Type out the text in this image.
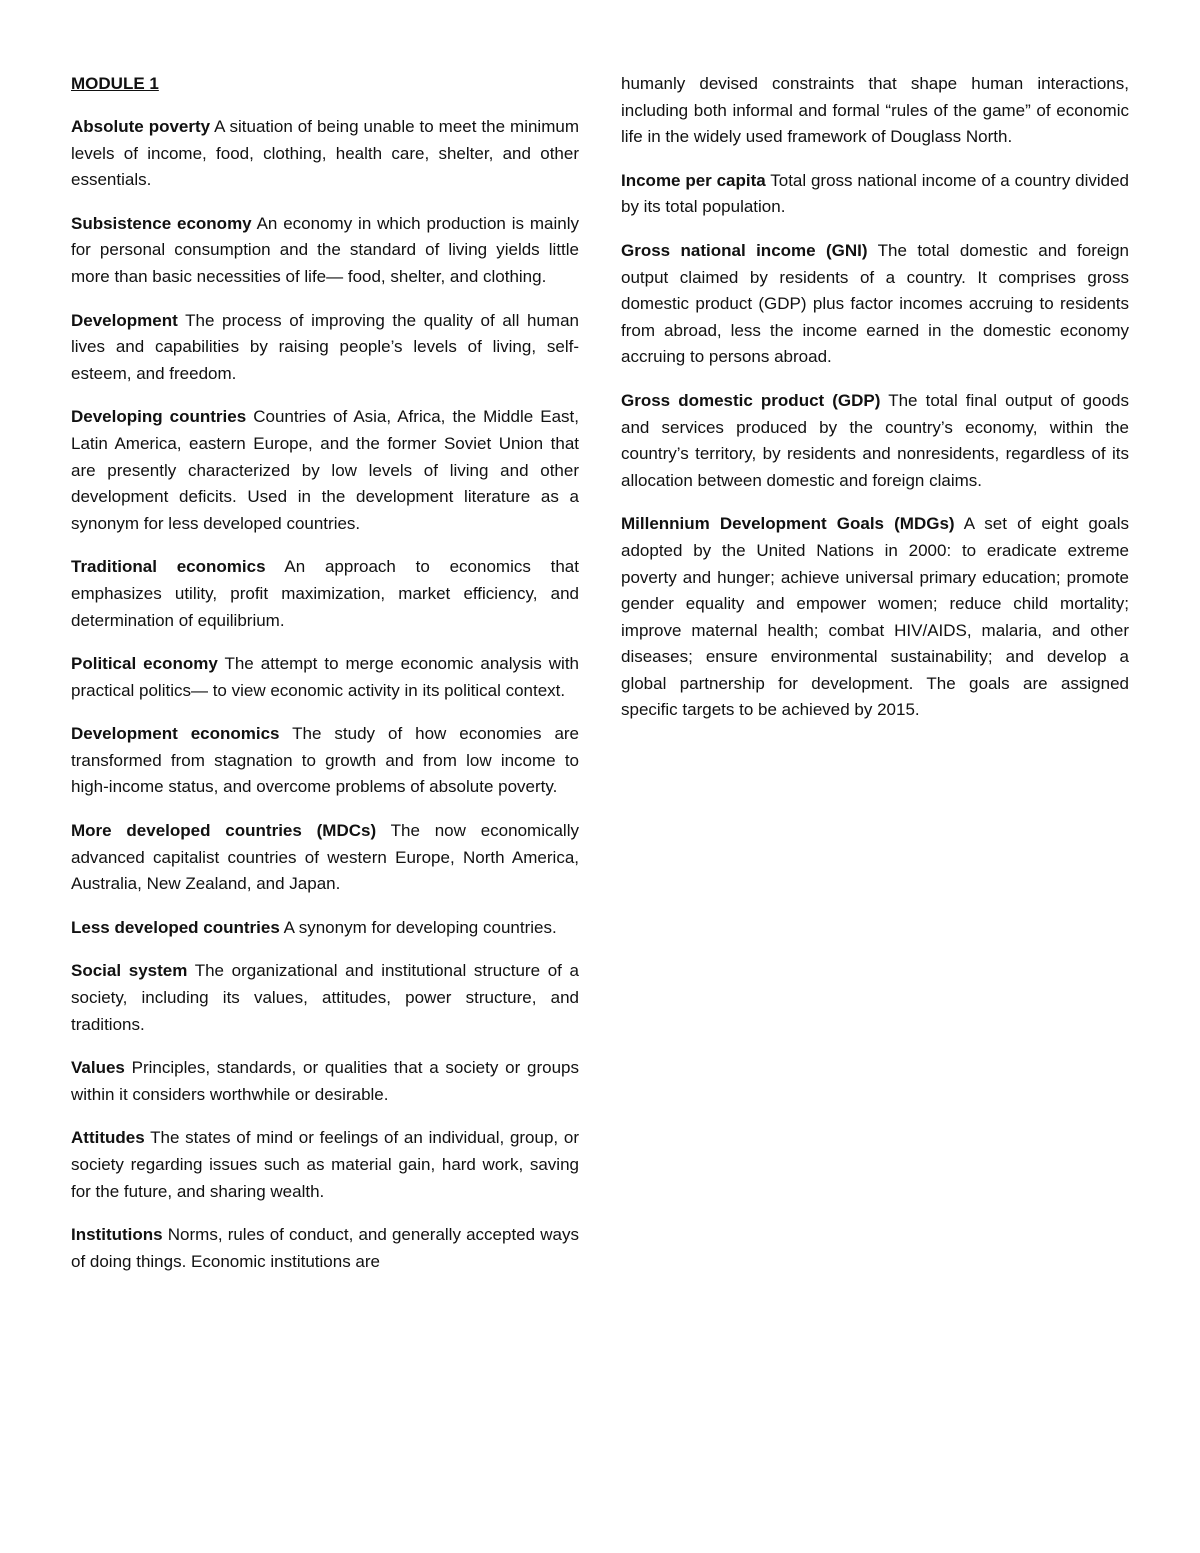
MODULE 1

Absolute poverty A situation of being unable to meet the minimum levels of income, food, clothing, health care, shelter, and other essentials.

Subsistence economy An economy in which production is mainly for personal consumption and the standard of living yields little more than basic necessities of life— food, shelter, and clothing.

Development The process of improving the quality of all human lives and capabilities by raising people’s levels of living, self-esteem, and freedom.

Developing countries Countries of Asia, Africa, the Middle East, Latin America, eastern Europe, and the former Soviet Union that are presently characterized by low levels of living and other development deficits. Used in the development literature as a synonym for less developed countries.

Traditional economics An approach to economics that emphasizes utility, profit maximization, market efficiency, and determination of equilibrium.

Political economy The attempt to merge economic analysis with practical politics— to view economic activity in its political context.

Development economics The study of how economies are transformed from stagnation to growth and from low income to high-income status, and overcome problems of absolute poverty.

More developed countries (MDCs) The now economically advanced capitalist countries of western Europe, North America, Australia, New Zealand, and Japan.

Less developed countries A synonym for developing countries.

Social system The organizational and institutional structure of a society, including its values, attitudes, power structure, and traditions.

Values Principles, standards, or qualities that a society or groups within it considers worthwhile or desirable.

Attitudes The states of mind or feelings of an individual, group, or society regarding issues such as material gain, hard work, saving for the future, and sharing wealth.

Institutions Norms, rules of conduct, and generally accepted ways of doing things. Economic institutions are

humanly devised constraints that shape human interactions, including both informal and formal “rules of the game” of economic life in the widely used framework of Douglass North.

Income per capita Total gross national income of a country divided by its total population.

Gross national income (GNI) The total domestic and foreign output claimed by residents of a country. It comprises gross domestic product (GDP) plus factor incomes accruing to residents from abroad, less the income earned in the domestic economy accruing to persons abroad.

Gross domestic product (GDP) The total final output of goods and services produced by the country’s economy, within the country’s territory, by residents and nonresidents, regardless of its allocation between domestic and foreign claims.

Millennium Development Goals (MDGs) A set of eight goals adopted by the United Nations in 2000: to eradicate extreme poverty and hunger; achieve universal primary education; promote gender equality and empower women; reduce child mortality; improve maternal health; combat HIV/AIDS, malaria, and other diseases; ensure environmental sustainability; and develop a global partnership for development. The goals are assigned specific targets to be achieved by 2015.
